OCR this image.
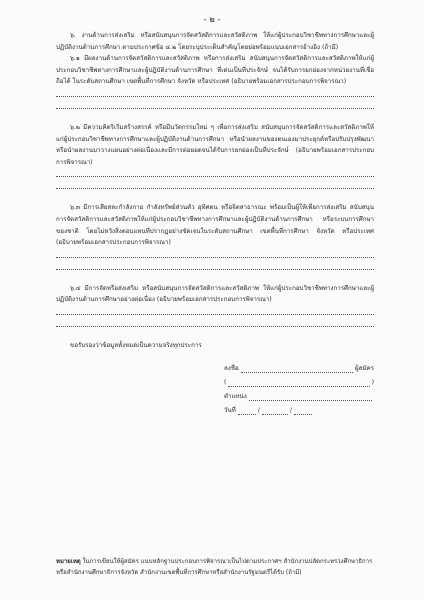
- ๒ -

๖. งานด้านการส่งเสริม หรือสนับสนุนการจัดสวัสดิการและสวัสดิภาพ ให้แก่ผู้ประกอบวิชาชีพทางการศึกษาและผู้ปฏิบัติงานด้านการศึกษา ตามประกาศข้อ ๔.๒ โดยระบุประเด็นสำคัญโดยย่อพร้อมแนบเอกสารอ้างอิง (ถ้ามี)

๖.๑ มีผลงานด้านการจัดสวัสดิการและสวัสดิภาพ หรือการส่งเสริม สนับสนุนการจัดสวัสดิการและสวัสดิภาพให้แก่ผู้ประกอบวิชาชีพทางการศึกษาและผู้ปฏิบัติงานด้านการศึกษา ที่เด่นเป็นที่ประจักษ์ จนได้รับการยกย่องจากหน่วยงานที่เชื่อถือได้ ในระดับสถานศึกษา เขตพื้นที่การศึกษา จังหวัด หรือประเทศ (อธิบายพร้อมเอกสารประกอบการพิจารณา)

๖.๒ มีความคิดริเริ่มสร้างสรรค์ หรือมีนวัตกรรมใหม่ ๆ เพื่อการส่งเสริม สนับสนุนการจัดสวัสดิการและสวัสดิภาพให้แก่ผู้ประกอบวิชาชีพทางการศึกษาและผู้ปฏิบัติงานด้านการศึกษา หรือนำผลงานของตนเองมาประยุกต์หรือปรับปรุงพัฒนา หรือนำผลงานมาวางแผนอย่างต่อเนื่องและมีการต่อยอดจนได้รับการยกย่องเป็นที่ประจักษ์ (อธิบายพร้อมเอกสารประกอบการพิจารณา)

๖.๓ มีการเสียสละกำลังกาย กำลังทรัพย์ส่วนตัว อุทิศตน หรือจิตสาธารณะ พร้อมเป็นผู้ให้เพื่อการส่งเสริม สนับสนุนการจัดสวัสดิการและสวัสดิภาพให้แก่ผู้ประกอบวิชาชีพทางการศึกษาและผู้ปฏิบัติงานด้านการศึกษา หรือระบบการศึกษาของชาติ โดยไม่หวังสิ่งตอบแทนที่ปรากฏอย่างชัดเจนในระดับสถานศึกษา เขตพื้นที่การศึกษา จังหวัด หรือประเทศ (อธิบายพร้อมเอกสารประกอบการพิจารณา)

๖.๔ มีการจัดหรือส่งเสริม หรือสนับสนุนการจัดสวัสดิการและสวัสดิภาพ ให้แก่ผู้ประกอบวิชาชีพทางการศึกษาและผู้ปฏิบัติงานด้านการศึกษาอย่างต่อเนื่อง (อธิบายพร้อมเอกสารประกอบการพิจารณา)

ขอรับรองว่าข้อมูลทั้งหมดเป็นความจริงทุกประการ

ลงชื่อ	ผู้สมัคร
(	)
ตำแหน่ง
วันที่	/	/
หมายเหตุ ในการเขียนให้ผู้สมัคร แนบหลักฐานประกอบการพิจารณาเป็นไปตามประกาศฯ สำนักงานปลัดกระทรวงศึกษาธิการหรือสำนักงานศึกษาธิการจังหวัด สำนักงานเขตพื้นที่การศึกษาหรือสำนักงานรัฐมนตรีได้รับ (ถ้ามี)
